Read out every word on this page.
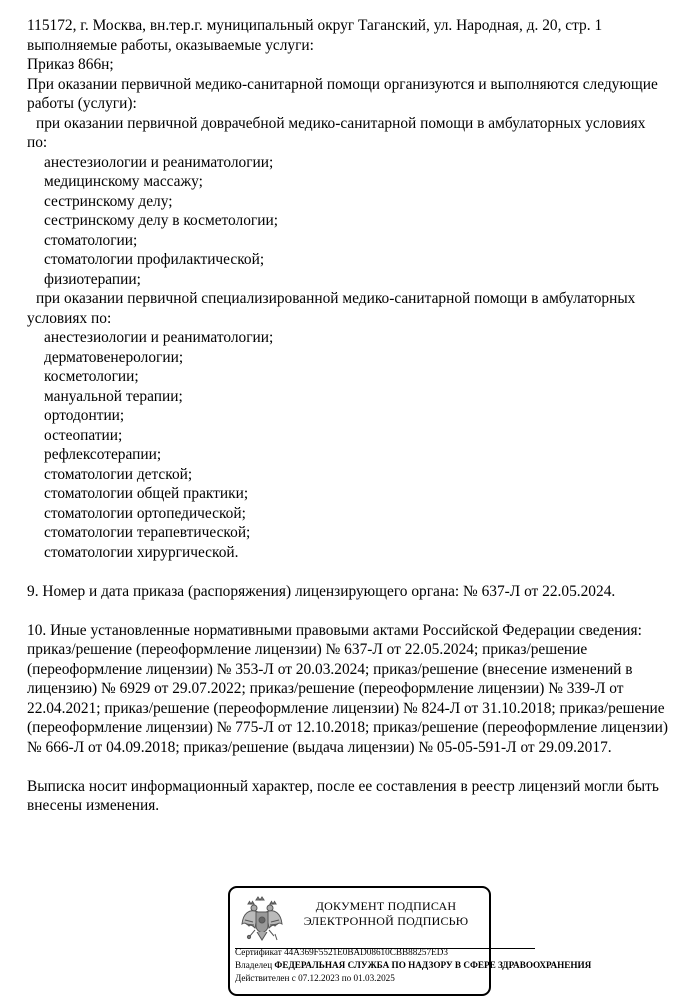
115172, г. Москва, вн.тер.г. муниципальный округ Таганский, ул. Народная, д. 20, стр. 1
выполняемые работы, оказываемые услуги:
Приказ 866н;
При оказании первичной медико-санитарной помощи организуются и выполняются следующие
работы (услуги):
при оказании первичной доврачебной медико-санитарной помощи в амбулаторных условиях
по:
анестезиологии и реаниматологии;
медицинскому массажу;
сестринскому делу;
сестринскому делу в косметологии;
стоматологии;
стоматологии профилактической;
физиотерапии;
при оказании первичной специализированной медико-санитарной помощи в амбулаторных
условиях по:
анестезиологии и реаниматологии;
дерматовенерологии;
косметологии;
мануальной терапии;
ортодонтии;
остеопатии;
рефлексотерапии;
стоматологии детской;
стоматологии общей практики;
стоматологии ортопедической;
стоматологии терапевтической;
стоматологии хирургической.
9. Номер и дата приказа (распоряжения) лицензирующего органа: № 637-Л от 22.05.2024.
10. Иные установленные нормативными правовыми актами Российской Федерации сведения:
приказ/решение (переоформление лицензии) № 637-Л от 22.05.2024; приказ/решение
(переоформление лицензии) № 353-Л от 20.03.2024; приказ/решение (внесение изменений в
лицензию) № 6929 от 29.07.2022; приказ/решение (переоформление лицензии) № 339-Л от
22.04.2021; приказ/решение (переоформление лицензии) № 824-Л от 31.10.2018; приказ/решение
(переоформление лицензии) № 775-Л от 12.10.2018; приказ/решение (переоформление лицензии)
№ 666-Л от 04.09.2018; приказ/решение (выдача лицензии) № 05-05-591-Л от 29.09.2017.
Выписка носит информационный характер, после ее составления в реестр лицензий могли быть
внесены изменения.
ДОКУМЕНТ ПОДПИСАН
ЭЛЕКТРОННОЙ ПОДПИСЬЮ
Сертификат 44A369F5521E0BAD08610CBB88257ED3
Владелец ФЕДЕРАЛЬНАЯ СЛУЖБА ПО НАДЗОРУ В СФЕРЕ ЗДРАВООХРАНЕНИЯ
Действителен с 07.12.2023 по 01.03.2025
